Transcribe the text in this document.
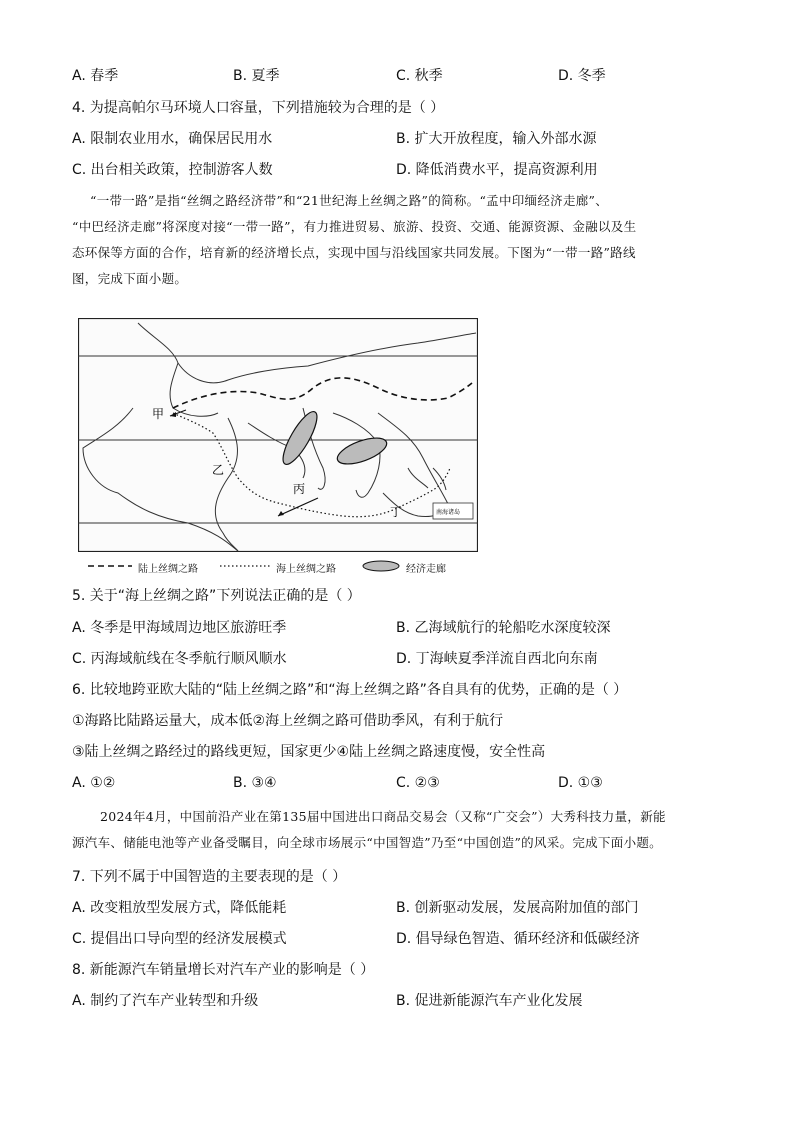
A. 春季	B. 夏季	C. 秋季	D. 冬季
4. 为提高帕尔马环境人口容量，下列措施较为合理的是（ ）
A. 限制农业用水，确保居民用水	B. 扩大开放程度，输入外部水源
C. 出台相关政策，控制游客人数	D. 降低消费水平，提高资源利用

“一带一路”是指“丝绸之路经济带”和“21世纪海上丝绸之路”的简称。“孟中印缅经济走廊”、

“中巴经济走廊”将深度对接“一带一路”，有力推进贸易、旅游、投资、交通、能源资源、金融以及生

态环保等方面的合作，培育新的经济增长点，实现中国与沿线国家共同发展。下图为“一带一路”路线

图，完成下面小题。

甲
乙
丙
丁	南海诸岛
陆上丝绸之路	海上丝绸之路	经济走廊
5. 关于“海上丝绸之路”下列说法正确的是（ ）
A. 冬季是甲海域周边地区旅游旺季	B. 乙海域航行的轮船吃水深度较深
C. 丙海域航线在冬季航行顺风顺水	D. 丁海峡夏季洋流自西北向东南
6. 比较地跨亚欧大陆的“陆上丝绸之路”和“海上丝绸之路”各自具有的优势，正确的是（ ）
①海路比陆路运量大，成本低②海上丝绸之路可借助季风，有利于航行
③陆上丝绸之路经过的路线更短，国家更少④陆上丝绸之路速度慢，安全性高
A. ①②	B. ③④	C. ②③	D. ①③

2024年4月，中国前沿产业在第135届中国进出口商品交易会（又称“广交会”）大秀科技力量，新能

源汽车、储能电池等产业备受瞩目，向全球市场展示“中国智造”乃至“中国创造”的风采。完成下面小题。

7. 下列不属于中国智造的主要表现的是（ ）
A. 改变粗放型发展方式，降低能耗	B. 创新驱动发展，发展高附加值的部门
C. 提倡出口导向型的经济发展模式	D. 倡导绿色智造、循环经济和低碳经济
8. 新能源汽车销量增长对汽车产业的影响是（ ）
A. 制约了汽车产业转型和升级	B. 促进新能源汽车产业化发展
